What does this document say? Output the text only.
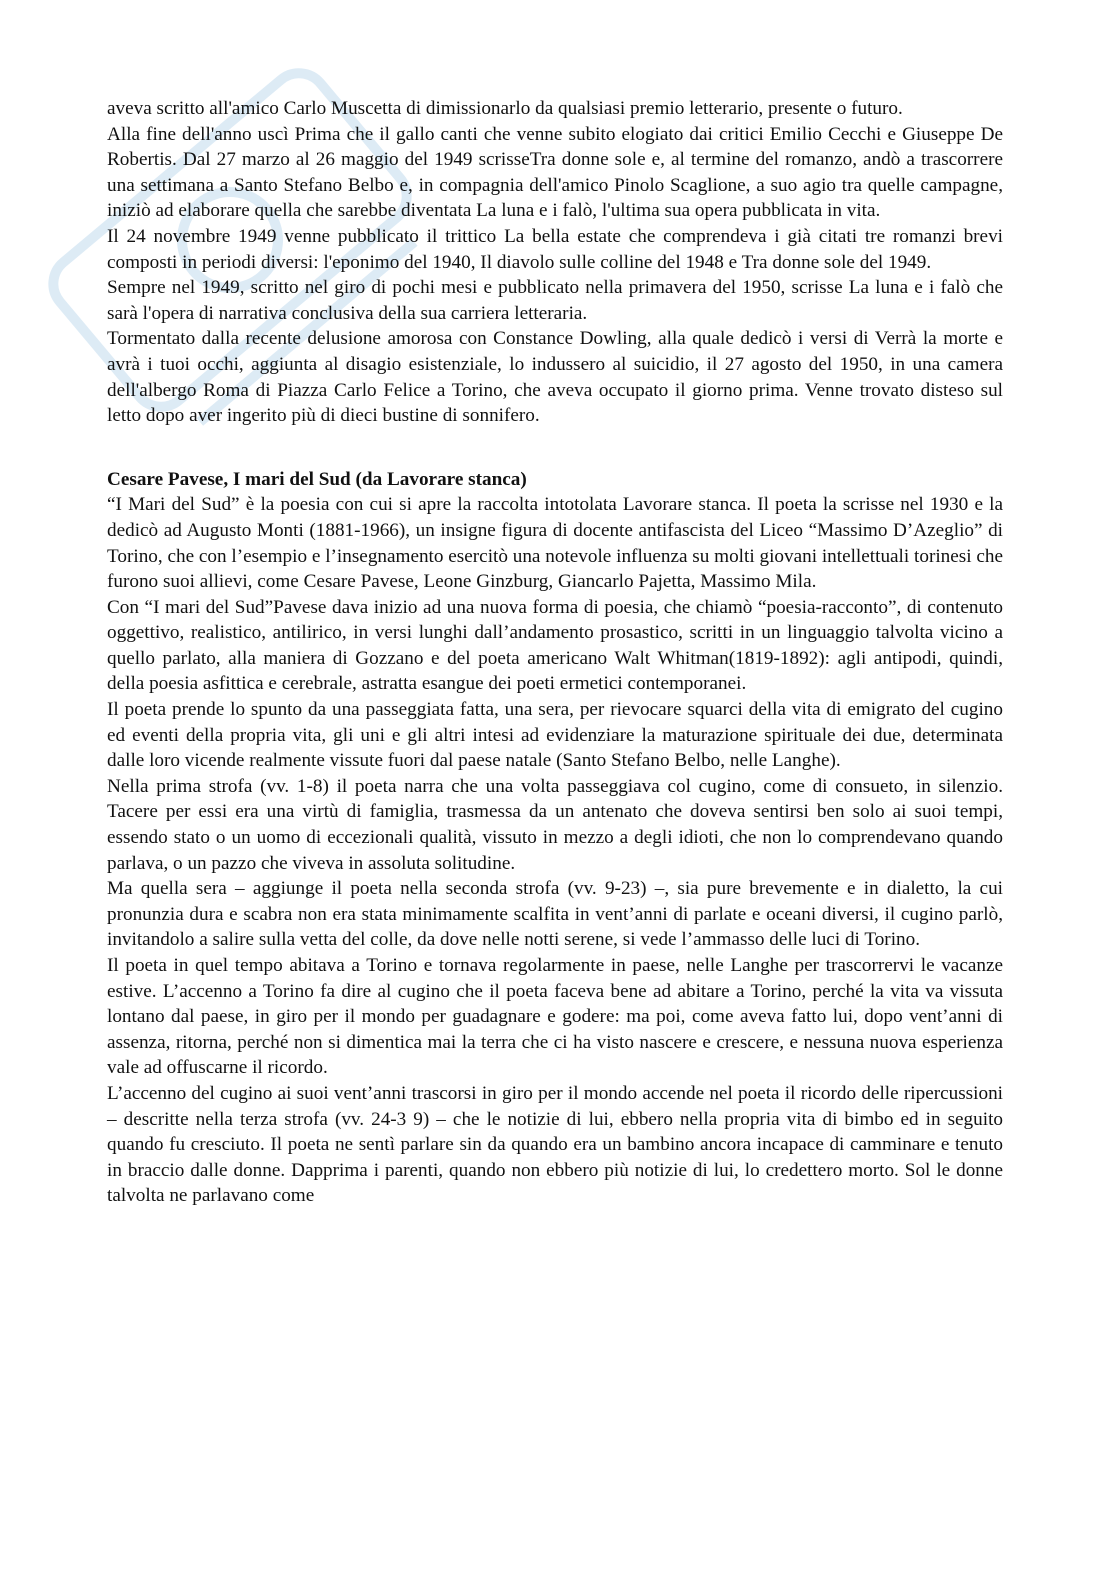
aveva scritto all'amico Carlo Muscetta di dimissionarlo da qualsiasi premio letterario, presente o futuro.

Alla fine dell'anno uscì Prima che il gallo canti che venne subito elogiato dai critici Emilio Cecchi e Giuseppe De Robertis. Dal 27 marzo al 26 maggio del 1949 scrisseTra donne sole e, al termine del romanzo, andò a trascorrere una settimana a Santo Stefano Belbo e, in compagnia dell'amico Pinolo Scaglione, a suo agio tra quelle campagne, iniziò ad elaborare quella che sarebbe diventata La luna e i falò, l'ultima sua opera pubblicata in vita.

Il 24 novembre 1949 venne pubblicato il trittico La bella estate che comprendeva i già citati tre romanzi brevi composti in periodi diversi: l'eponimo del 1940, Il diavolo sulle colline del 1948 e Tra donne sole del 1949.

Sempre nel 1949, scritto nel giro di pochi mesi e pubblicato nella primavera del 1950, scrisse La luna e i falò che sarà l'opera di narrativa conclusiva della sua carriera letteraria.

Tormentato dalla recente delusione amorosa con Constance Dowling, alla quale dedicò i versi di Verrà la morte e avrà i tuoi occhi, aggiunta al disagio esistenziale, lo indussero al suicidio, il 27 agosto del 1950, in una camera dell'albergo Roma di Piazza Carlo Felice a Torino, che aveva occupato il giorno prima. Venne trovato disteso sul letto dopo aver ingerito più di dieci bustine di sonnifero.

Cesare Pavese, I mari del Sud (da Lavorare stanca)

“I Mari del Sud” è la poesia con cui si apre la raccolta intotolata Lavorare stanca. Il poeta la scrisse nel 1930 e la dedicò ad Augusto Monti (1881-1966), un insigne figura di docente antifascista del Liceo “Massimo D’Azeglio” di Torino, che con l’esempio e l’insegnamento esercitò una notevole influenza su molti giovani intellettuali torinesi che furono suoi allievi, come Cesare Pavese, Leone Ginzburg, Giancarlo Pajetta, Massimo Mila.

Con “I mari del Sud”Pavese dava inizio ad una nuova forma di poesia, che chiamò “poesia-racconto”, di contenuto oggettivo, realistico, antilirico, in versi lunghi dall’andamento prosastico, scritti in un linguaggio talvolta vicino a quello parlato, alla maniera di Gozzano e del poeta americano Walt Whitman(1819-1892): agli antipodi, quindi, della poesia asfittica e cerebrale, astratta esangue dei poeti ermetici contemporanei.

Il poeta prende lo spunto da una passeggiata fatta, una sera, per rievocare squarci della vita di emigrato del cugino ed eventi della propria vita, gli uni e gli altri intesi ad evidenziare la maturazione spirituale dei due, determinata dalle loro vicende realmente vissute fuori dal paese natale (Santo Stefano Belbo, nelle Langhe).

Nella prima strofa (vv. 1-8) il poeta narra che una volta passeggiava col cugino, come di consueto, in silenzio. Tacere per essi era una virtù di famiglia, trasmessa da un antenato che doveva sentirsi ben solo ai suoi tempi, essendo stato o un uomo di eccezionali qualità, vissuto in mezzo a degli idioti, che non lo comprendevano quando parlava, o un pazzo che viveva in assoluta solitudine.

Ma quella sera – aggiunge il poeta nella seconda strofa (vv. 9-23) –, sia pure brevemente e in dialetto, la cui pronunzia dura e scabra non era stata minimamente scalfita in vent’anni di parlate e oceani diversi, il cugino parlò, invitandolo a salire sulla vetta del colle, da dove nelle notti serene, si vede l’ammasso delle luci di Torino.

Il poeta in quel tempo abitava a Torino e tornava regolarmente in paese, nelle Langhe per trascorrervi le vacanze estive. L’accenno a Torino fa dire al cugino che il poeta faceva bene ad abitare a Torino, perché la vita va vissuta lontano dal paese, in giro per il mondo per guadagnare e godere: ma poi, come aveva fatto lui, dopo vent’anni di assenza, ritorna, perché non si dimentica mai la terra che ci ha visto nascere e crescere, e nessuna nuova esperienza vale ad offuscarne il ricordo.

L’accenno del cugino ai suoi vent’anni trascorsi in giro per il mondo accende nel poeta il ricordo delle ripercussioni – descritte nella terza strofa (vv. 24-3 9) – che le notizie di lui, ebbero nella propria vita di bimbo ed in seguito quando fu cresciuto. Il poeta ne sentì parlare sin da quando era un bambino ancora incapace di camminare e tenuto in braccio dalle donne. Dapprima i parenti, quando non ebbero più notizie di lui, lo credettero morto. Sol le donne talvolta ne parlavano come
